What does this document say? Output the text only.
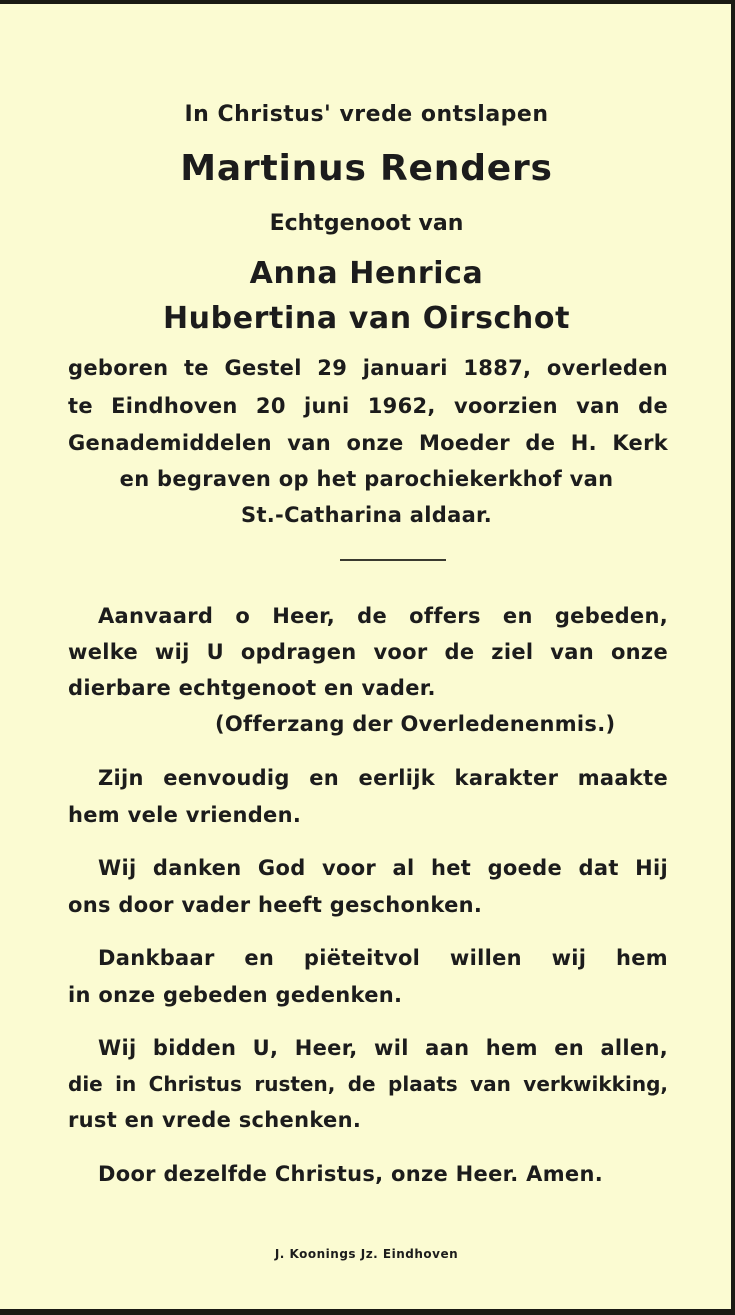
In Christus' vrede ontslapen

Martinus Renders

Echtgenoot van

Anna Henrica

Hubertina van Oirschot

geboren te Gestel 29 januari 1887, overleden

te Eindhoven 20 juni 1962, voorzien van de

Genademiddelen van onze Moeder de H. Kerk

en begraven op het parochiekerkhof van

St.-Catharina aldaar.

Aanvaard o Heer, de offers en gebeden,

welke wij U opdragen voor de ziel van onze

dierbare echtgenoot en vader.

(Offerzang der Overledenenmis.)

Zijn eenvoudig en eerlijk karakter maakte

hem vele vrienden.

Wij danken God voor al het goede dat Hij

ons door vader heeft geschonken.

Dankbaar en piëteitvol willen wij hem

in onze gebeden gedenken.

Wij bidden U, Heer, wil aan hem en allen,

die in Christus rusten, de plaats van verkwikking,

rust en vrede schenken.

Door dezelfde Christus, onze Heer. Amen.

J. Koonings Jz. Eindhoven
